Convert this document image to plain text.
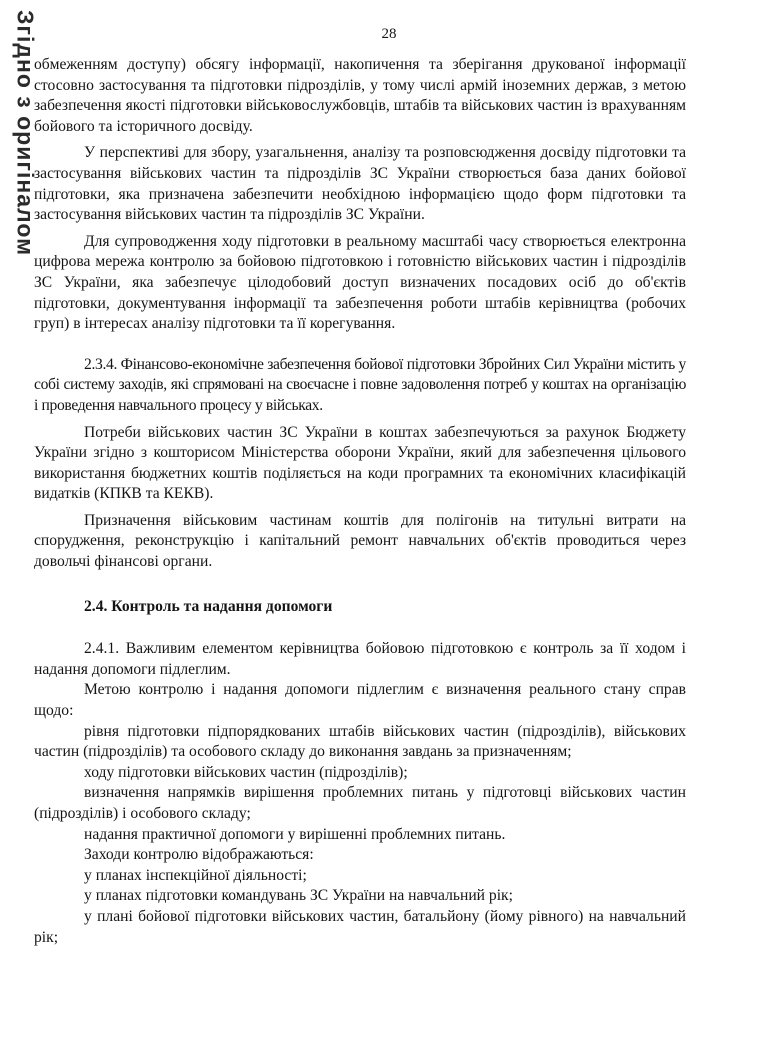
Згідно з оригіналом	28

обмеженням доступу) обсягу інформації, накопичення та зберігання друкованої інформації стосовно застосування та підготовки підрозділів, у тому числі армій іноземних держав, з метою забезпечення якості підготовки військовослужбовців, штабів та військових частин із врахуванням бойового та історичного досвіду.

У перспективі для збору, узагальнення, аналізу та розповсюдження досвіду підготовки та застосування військових частин та підрозділів ЗС України створюється база даних бойової підготовки, яка призначена забезпечити необхідною інформацією щодо форм підготовки та застосування військових частин та підрозділів ЗС України.

Для супроводження ходу підготовки в реальному масштабі часу створюється електронна цифрова мережа контролю за бойовою підготовкою і готовністю військових частин і підрозділів ЗС України, яка забезпечує цілодобовий доступ визначених посадових осіб до об'єктів підготовки, документування інформації та забезпечення роботи штабів керівництва (робочих груп) в інтересах аналізу підготовки та її корегування.

2.3.4. Фінансово-економічне забезпечення бойової підготовки Збройних Сил України містить у собі систему заходів, які спрямовані на своєчасне і повне задоволення потреб у коштах на організацію і проведення навчального процесу у військах.

Потреби військових частин ЗС України в коштах забезпечуються за рахунок Бюджету України згідно з кошторисом Міністерства оборони України, який для забезпечення цільового використання бюджетних коштів поділяється на коди програмних та економічних класифікацій видатків (КПКВ та КЕКВ).

Призначення військовим частинам коштів для полігонів на титульні витрати на спорудження, реконструкцію і капітальний ремонт навчальних об'єктів проводиться через довольчі фінансові органи.

2.4. Контроль та надання допомоги

2.4.1. Важливим елементом керівництва бойовою підготовкою є контроль за її ходом і надання допомоги підлеглим.

Метою контролю і надання допомоги підлеглим є визначення реального стану справ щодо:

рівня підготовки підпорядкованих штабів військових частин (підрозділів), військових частин (підрозділів) та особового складу до виконання завдань за призначенням;

ходу підготовки військових частин (підрозділів);

визначення напрямків вирішення проблемних питань у підготовці військових частин (підрозділів) і особового складу;

надання практичної допомоги у вирішенні проблемних питань.

Заходи контролю відображаються:

у планах інспекційної діяльності;

у планах підготовки командувань ЗС України на навчальний рік;

у плані бойової підготовки військових частин, батальйону (йому рівного) на навчальний рік;
